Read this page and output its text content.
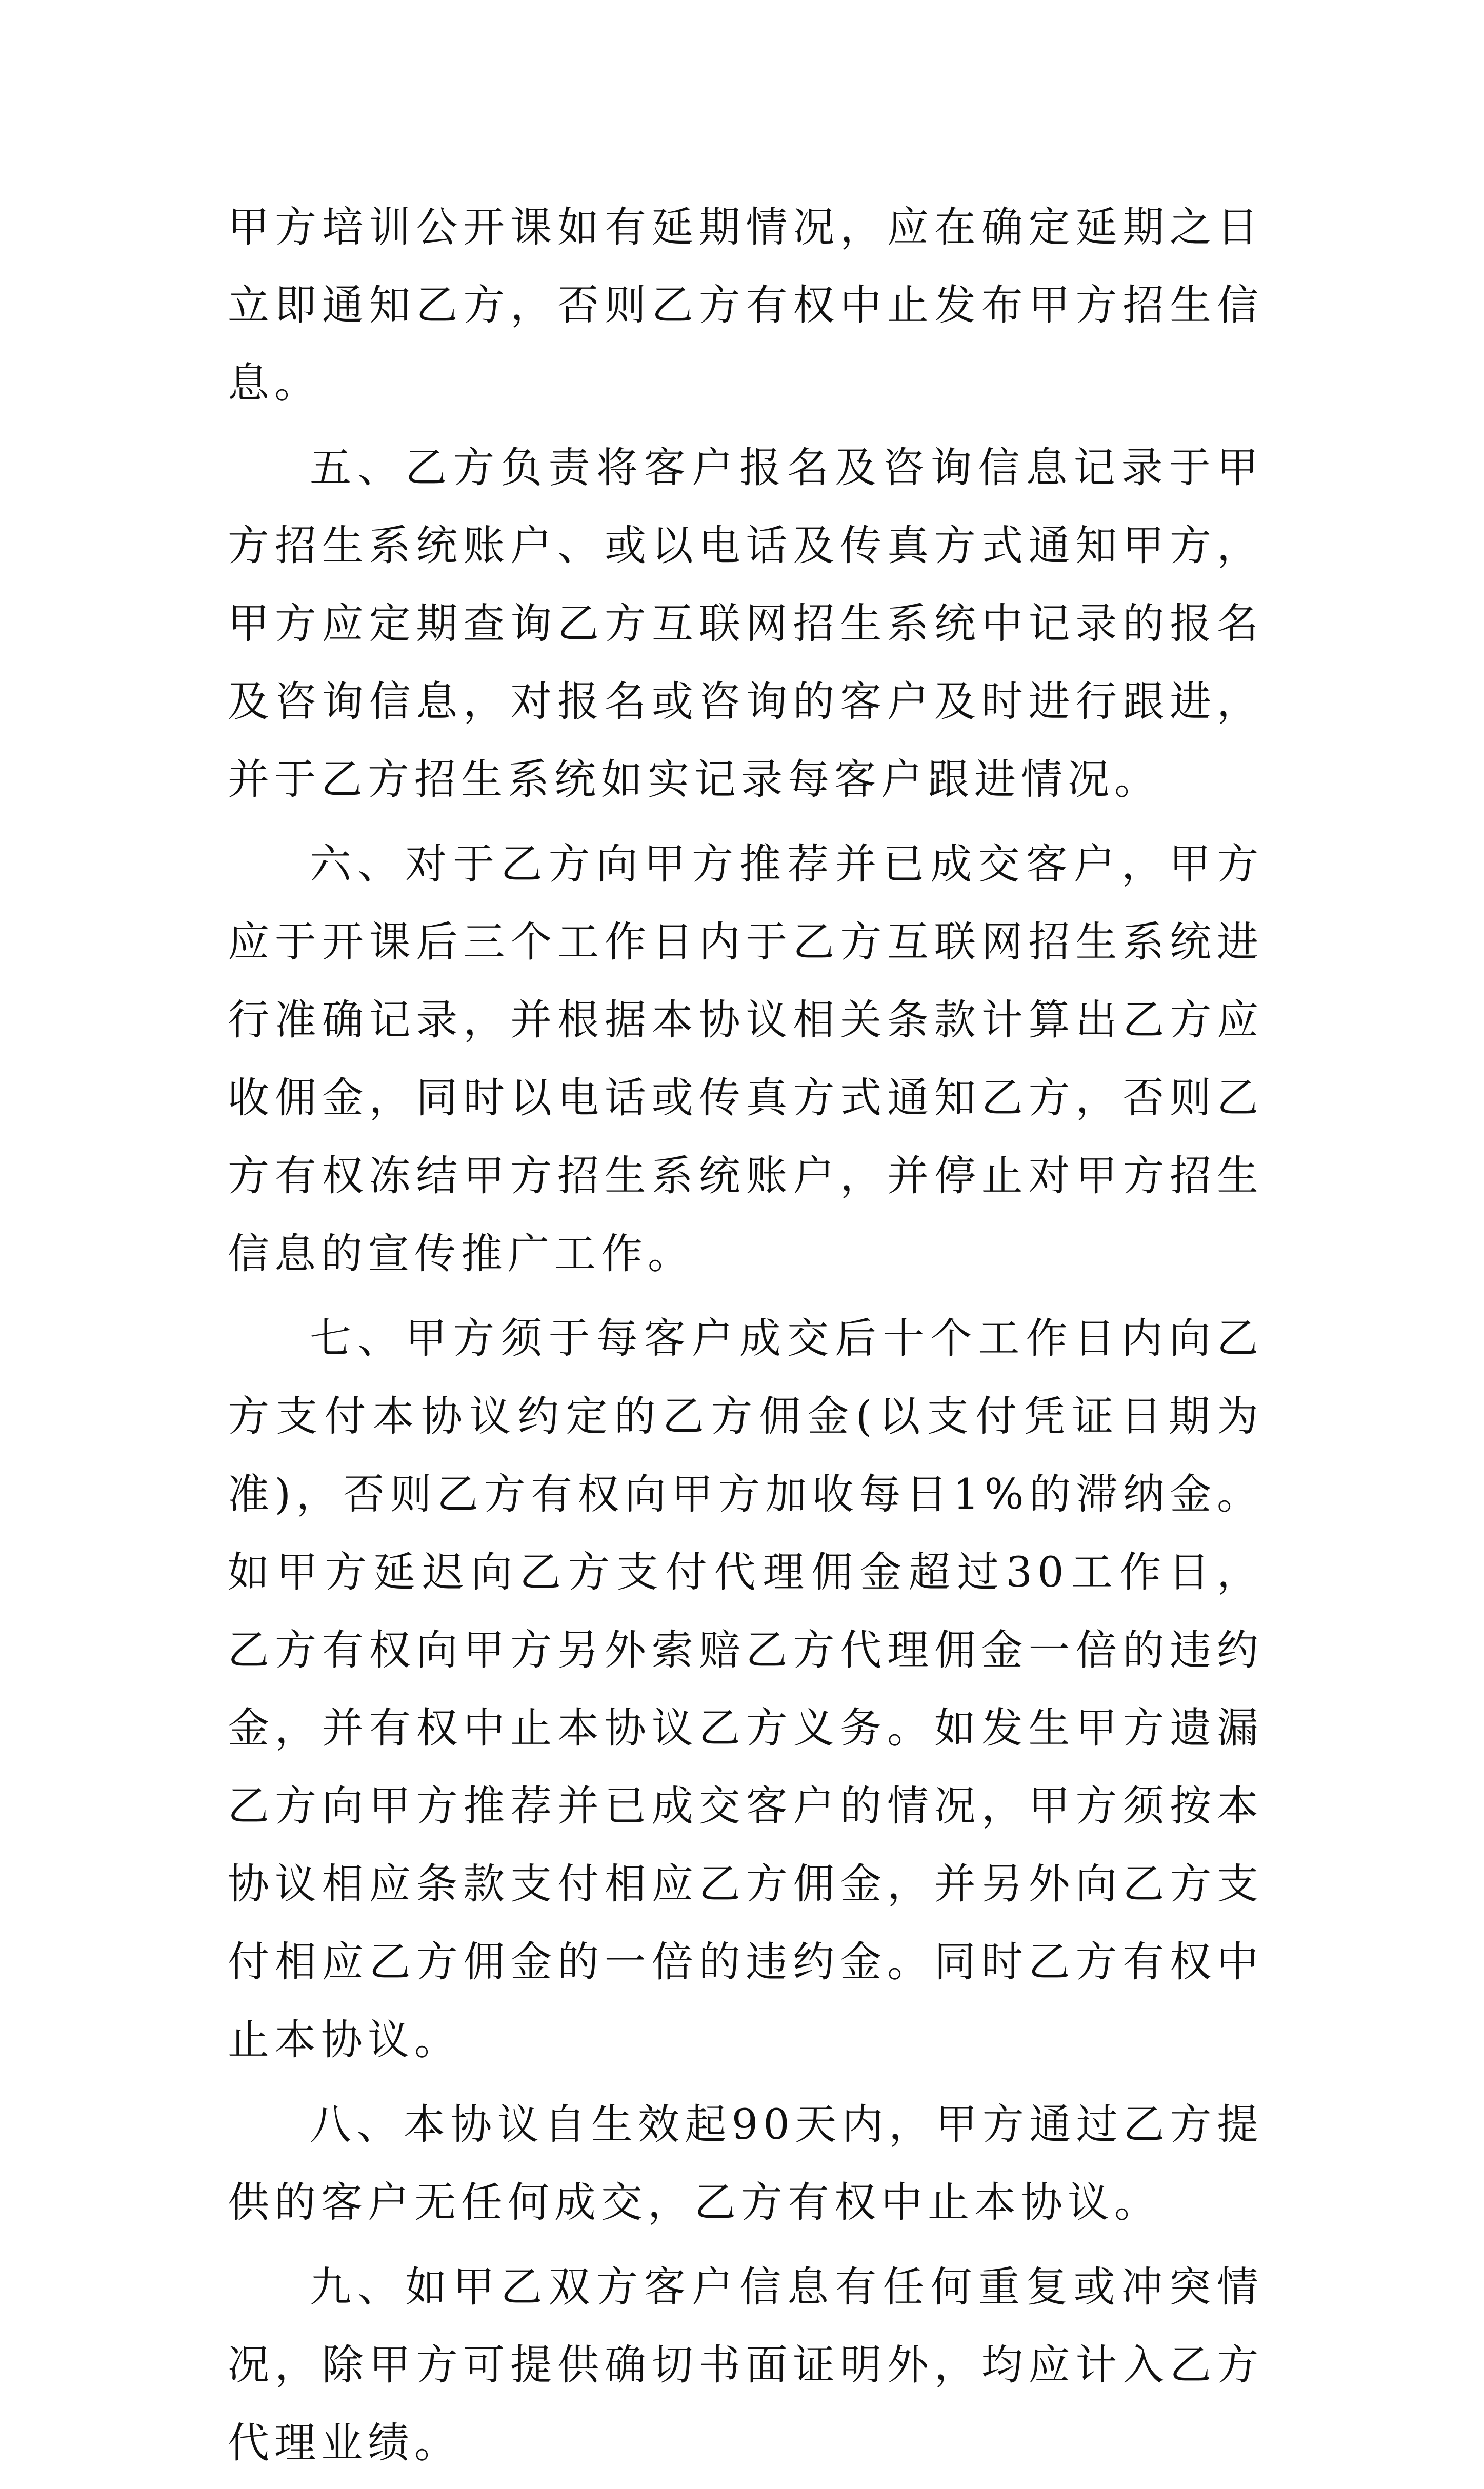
甲方培训公开课如有延期情况，应在确定延期之日立即通知乙方，否则乙方有权中止发布甲方招生信息。

五、乙方负责将客户报名及咨询信息记录于甲方招生系统账户、或以电话及传真方式通知甲方，甲方应定期查询乙方互联网招生系统中记录的报名及咨询信息，对报名或咨询的客户及时进行跟进，并于乙方招生系统如实记录每客户跟进情况。

六、对于乙方向甲方推荐并已成交客户，甲方应于开课后三个工作日内于乙方互联网招生系统进行准确记录，并根据本协议相关条款计算出乙方应收佣金，同时以电话或传真方式通知乙方，否则乙方有权冻结甲方招生系统账户，并停止对甲方招生信息的宣传推广工作。

七、甲方须于每客户成交后十个工作日内向乙方支付本协议约定的乙方佣金(以支付凭证日期为准)，否则乙方有权向甲方加收每日1%的滞纳金。如甲方延迟向乙方支付代理佣金超过30工作日，乙方有权向甲方另外索赔乙方代理佣金一倍的违约金，并有权中止本协议乙方义务。如发生甲方遗漏乙方向甲方推荐并已成交客户的情况，甲方须按本协议相应条款支付相应乙方佣金，并另外向乙方支付相应乙方佣金的一倍的违约金。同时乙方有权中止本协议。

八、本协议自生效起90天内，甲方通过乙方提供的客户无任何成交，乙方有权中止本协议。

九、如甲乙双方客户信息有任何重复或冲突情况，除甲方可提供确切书面证明外，均应计入乙方代理业绩。
